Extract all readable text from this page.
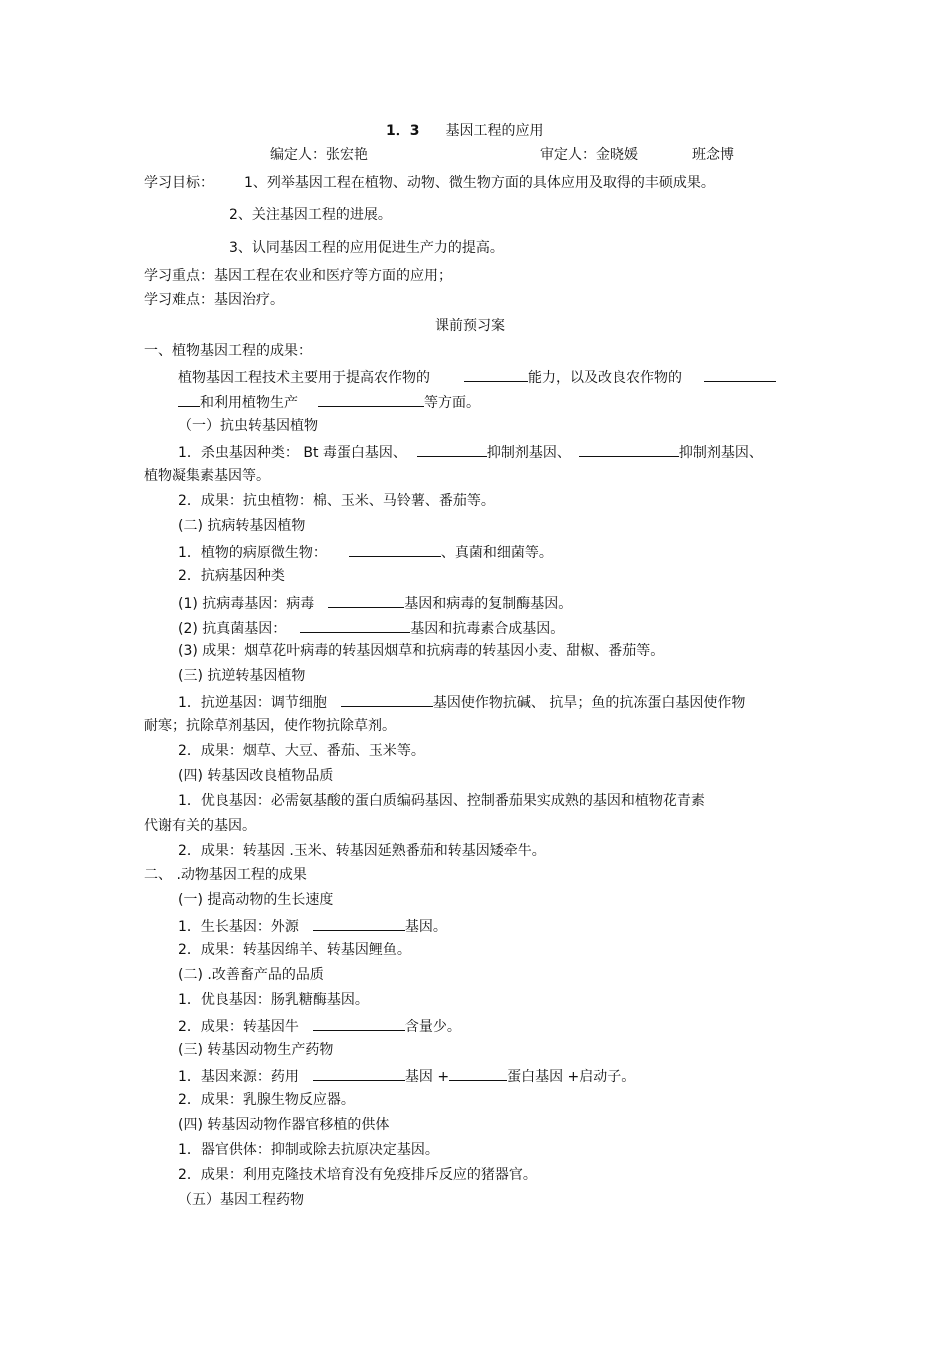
1．3 基因工程的应用
编定人：张宏艳	审定人：金晓媛	班念博
学习目标： 1、列举基因工程在植物、动物、微生物方面的具体应用及取得的丰硕成果。
2、关注基因工程的进展。
3、认同基因工程的应用促进生产力的提高。
学习重点：基因工程在农业和医疗等方面的应用；
学习难点：基因治疗。
课前预习案
一、植物基因工程的成果：
植物基因工程技术主要用于提高农作物的	能力，以及改良农作物的
和利用植物生产	等方面。
（一）抗虫转基因植物
1．杀虫基因种类： Bt 毒蛋白基因、	抑制剂基因、	抑制剂基因、
植物凝集素基因等。
2．成果：抗虫植物：棉、玉米、马铃薯、番茄等。
(二) 抗病转基因植物
1．植物的病原微生物：	、真菌和细菌等。
2．抗病基因种类
(1) 抗病毒基因：病毒	基因和病毒的复制酶基因。
(2) 抗真菌基因：	基因和抗毒素合成基因。
(3) 成果：烟草花叶病毒的转基因烟草和抗病毒的转基因小麦、甜椒、番茄等。
(三) 抗逆转基因植物
1．抗逆基因：调节细胞	基因使作物抗碱、 抗旱；鱼的抗冻蛋白基因使作物
耐寒；抗除草剂基因，使作物抗除草剂。
2．成果：烟草、大豆、番茄、玉米等。
(四) 转基因改良植物品质
1．优良基因：必需氨基酸的蛋白质编码基因、控制番茄果实成熟的基因和植物花青素
代谢有关的基因。
2．成果：转基因 .玉米、转基因延熟番茄和转基因矮牵牛。
二、 .动物基因工程的成果
(一) 提高动物的生长速度
1．生长基因：外源	基因。
2．成果：转基因绵羊、转基因鲤鱼。
(二) .改善畜产品的品质
1．优良基因：肠乳糖酶基因。
2．成果：转基因牛	含量少。
(三) 转基因动物生产药物
1．基因来源：药用	基因 +	蛋白基因 +启动子。
2．成果：乳腺生物反应器。
(四) 转基因动物作器官移植的供体
1．器官供体：抑制或除去抗原决定基因。
2．成果：利用克隆技术培育没有免疫排斥反应的猪器官。
（五）基因工程药物
